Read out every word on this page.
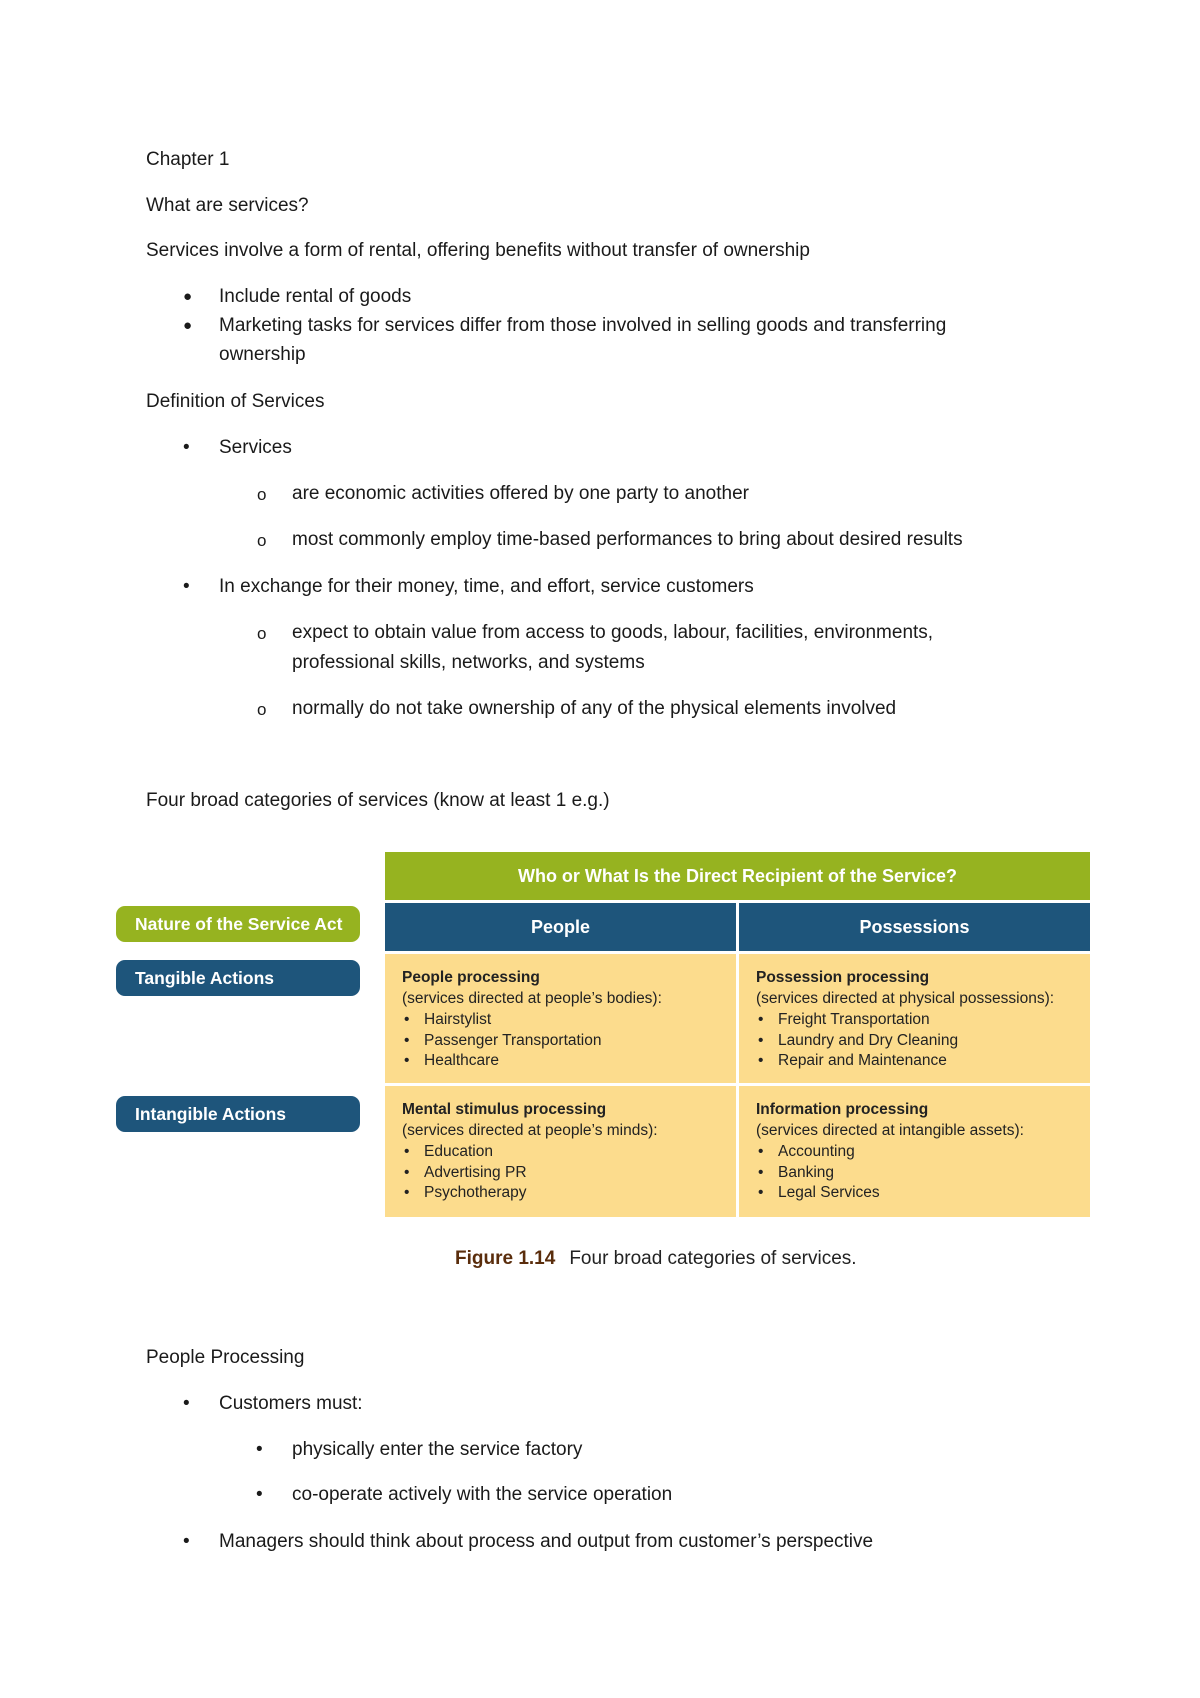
Chapter 1
What are services?
Services involve a form of rental, offering benefits without transfer of ownership
● Include rental of goods
● Marketing tasks for services differ from those involved in selling goods and transferring
ownership
Definition of Services
• Services
o are economic activities offered by one party to another
o most commonly employ time-based performances to bring about desired results
• In exchange for their money, time, and effort, service customers
o expect to obtain value from access to goods, labour, facilities, environments,
professional skills, networks, and systems
o normally do not take ownership of any of the physical elements involved
Four broad categories of services (know at least 1 e.g.)
Who or What Is the Direct Recipient of the Service?
People	Possessions
Nature of the Service Act
Tangible Actions
Intangible Actions
People processing
(services directed at people’s bodies):
• Hairstylist
• Passenger Transportation
• Healthcare
Possession processing
(services directed at physical possessions):
• Freight Transportation
• Laundry and Dry Cleaning
• Repair and Maintenance
Mental stimulus processing
(services directed at people’s minds):
• Education
• Advertising PR
• Psychotherapy
Information processing
(services directed at intangible assets):
• Accounting
• Banking
• Legal Services
Figure 1.14 Four broad categories of services.
People Processing
• Customers must:
• physically enter the service factory
• co-operate actively with the service operation
• Managers should think about process and output from customer’s perspective
